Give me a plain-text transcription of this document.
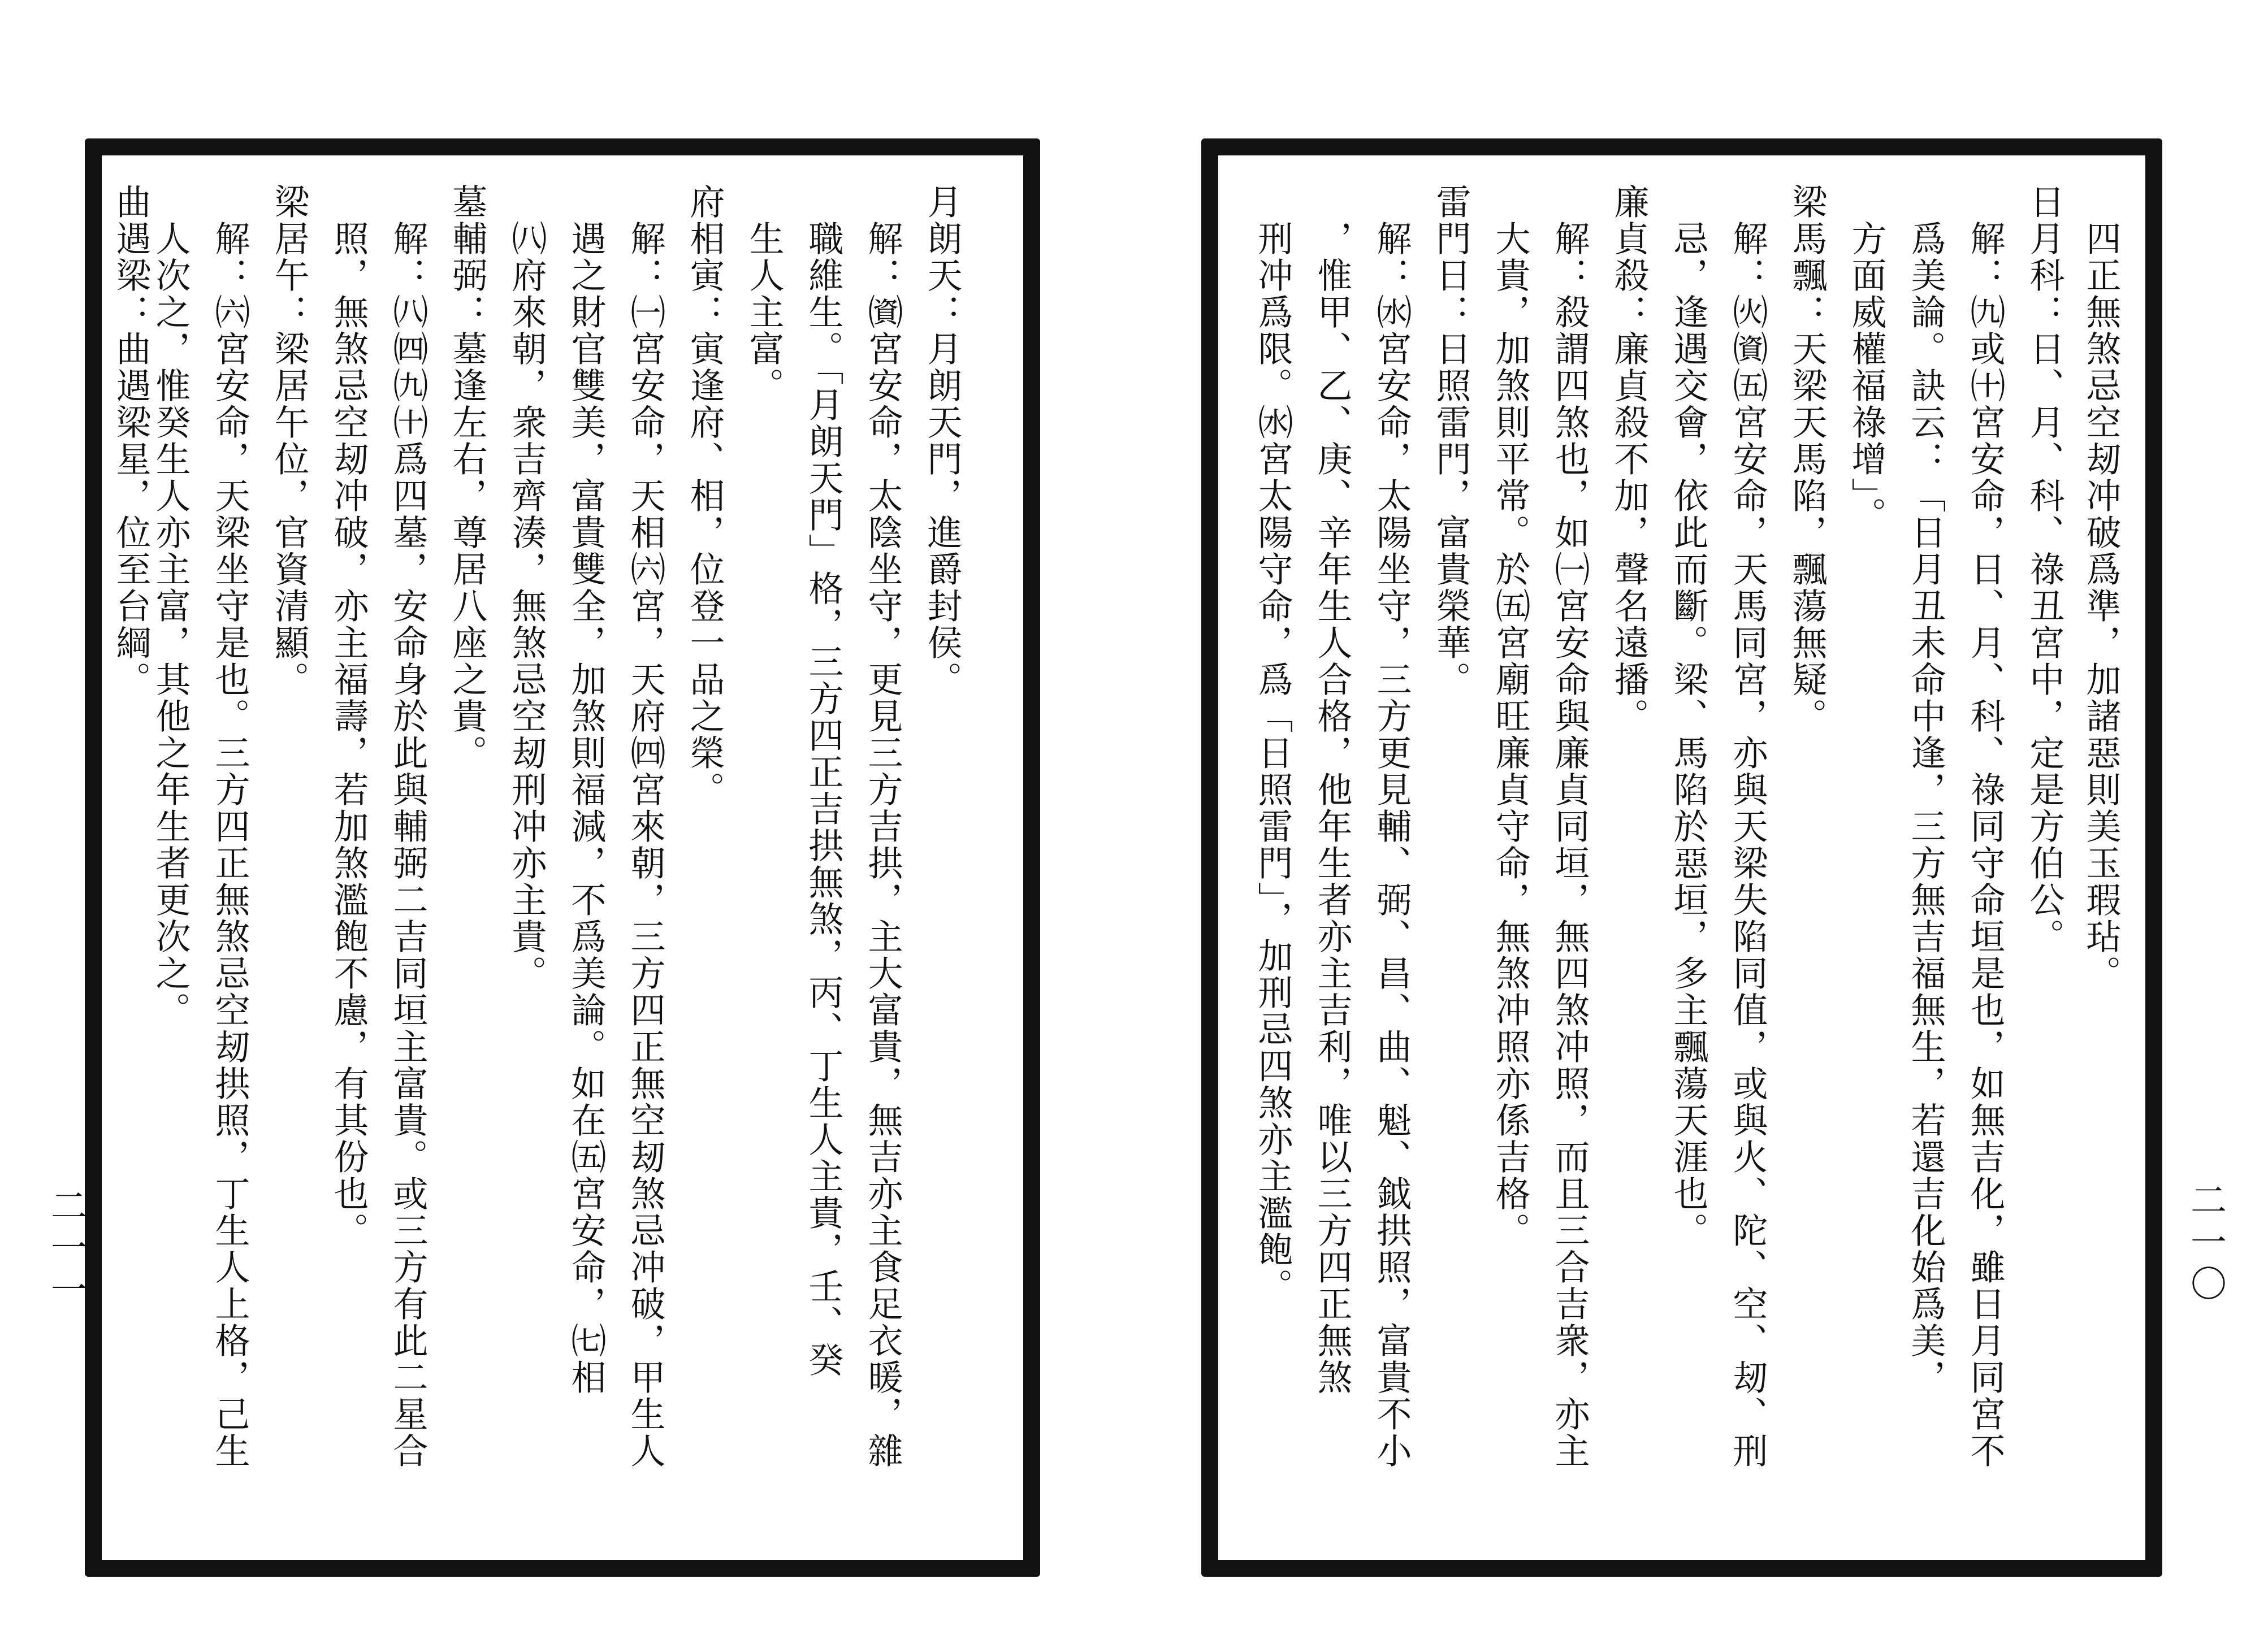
月朗天：月朗天門，進爵封侯。
　解：㈾宮安命，太陰坐守，更見三方吉拱，主大富貴，無吉亦主食足衣暖，雜
　職維生。「月朗天門」格，三方四正吉拱無煞，丙、丁生人主貴，壬、癸
　生人主富。
府相寅：寅逢府、相，位登一品之榮。
　解：㈠宮安命，天相㈥宮，天府㈣宮來朝，三方四正無空刼煞忌冲破，甲生人
　遇之財官雙美，富貴雙全，加煞則福減，不爲美論。如在㈤宮安命，㈦相
　㈧府來朝，衆吉齊湊，無煞忌空刼刑冲亦主貴。
墓輔弼：墓逢左右，尊居八座之貴。
　解：㈧㈣㈨㈩爲四墓，安命身於此與輔弼二吉同垣主富貴。或三方有此二星合
　照，無煞忌空刼冲破，亦主福壽，若加煞濫飽不慮，有其份也。
梁居午：梁居午位，官資清顯。
　解：㈥宮安命，天梁坐守是也。三方四正無煞忌空刼拱照，丁生人上格，己生
　人次之，惟癸生人亦主富，其他之年生者更次之。
曲遇梁：曲遇梁星，位至台綱。
二一一
　四正無煞忌空刼冲破爲準，加諸惡則美玉瑕玷。
日月科：日、月、科、祿丑宮中，定是方伯公。
　解：㈨或㈩宮安命，日、月、科、祿同守命垣是也，如無吉化，雖日月同宮不
　爲美論。訣云：「日月丑未命中逢，三方無吉福無生，若還吉化始爲美，
　方面威權福祿增」。
梁馬飄：天梁天馬陷，飄蕩無疑。
　解：㈫㈾㈤宮安命，天馬同宮，亦與天梁失陷同值，或與火、陀、空、刼、刑
　忌，逢遇交會，依此而斷。梁、馬陷於惡垣，多主飄蕩天涯也。
廉貞殺：廉貞殺不加，聲名遠播。
　解：殺謂四煞也，如㈠宮安命與廉貞同垣，無四煞冲照，而且三合吉衆，亦主
　大貴，加煞則平常。於㈤宮廟旺廉貞守命，無煞冲照亦係吉格。
雷門日：日照雷門，富貴榮華。
　解：㈬宮安命，太陽坐守，三方更見輔、弼、昌、曲、魁、鉞拱照，富貴不小
　，惟甲、乙、庚、辛年生人合格，他年生者亦主吉利，唯以三方四正無煞
　刑冲爲限。㈬宮太陽守命，爲「日照雷門」，加刑忌四煞亦主濫飽。	二一〇
